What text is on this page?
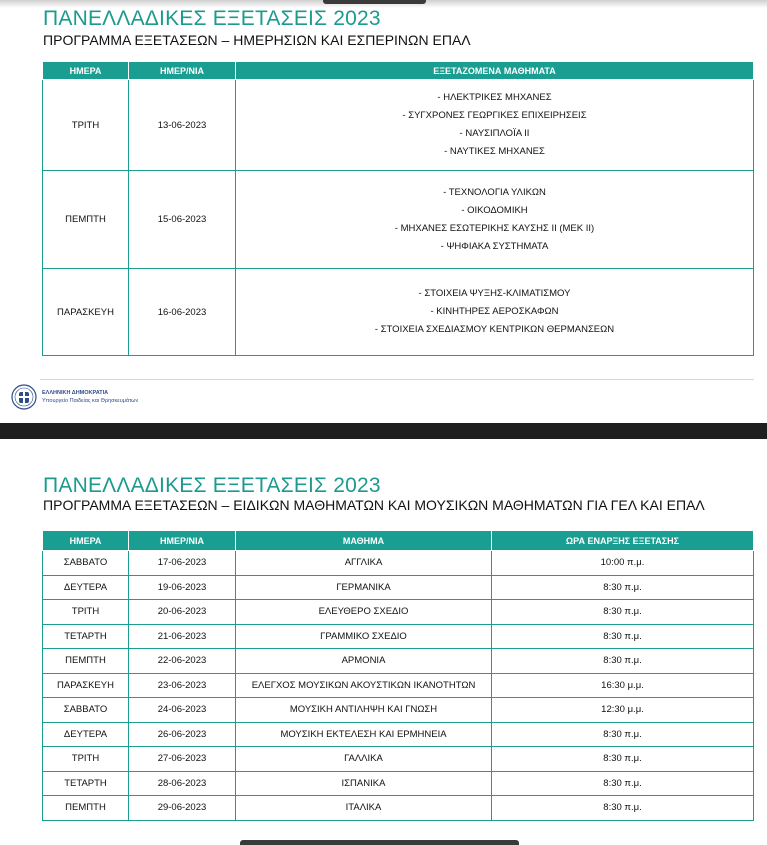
ΠΑΝΕΛΛΑΔΙΚΕΣ ΕΞΕΤΑΣΕΙΣ 2023
ΠΡΟΓΡΑΜΜΑ ΕΞΕΤΑΣΕΩΝ – ΗΜΕΡΗΣΙΩΝ ΚΑΙ ΕΣΠΕΡΙΝΩΝ ΕΠΑΛ
ΗΜΕΡΑ	ΗΜΕΡ/ΝΙΑ	ΕΞΕΤΑΖΟΜΕΝΑ ΜΑΘΗΜΑΤΑ
ΤΡΙΤΗ	13-06-2023	- ΗΛΕΚΤΡΙΚΕΣ ΜΗΧΑΝΕΣ
- ΣΥΓΧΡΟΝΕΣ ΓΕΩΡΓΙΚΕΣ ΕΠΙΧΕΙΡΗΣΕΙΣ
- ΝΑΥΣΙΠΛΟΪΑ ΙΙ
- ΝΑΥΤΙΚΕΣ ΜΗΧΑΝΕΣ

ΠΕΜΠΤΗ	15-06-2023	- ΤΕΧΝΟΛΟΓΙΑ ΥΛΙΚΩΝ
- ΟΙΚΟΔΟΜΙΚΗ
- ΜΗΧΑΝΕΣ ΕΣΩΤΕΡΙΚΗΣ ΚΑΥΣΗΣ ΙΙ (ΜΕΚ ΙΙ)
- ΨΗΦΙΑΚΑ ΣΥΣΤΗΜΑΤΑ

ΠΑΡΑΣΚΕΥΗ	16-06-2023	- ΣΤΟΙΧΕΙΑ ΨΥΞΗΣ-ΚΛΙΜΑΤΙΣΜΟΥ
- ΚΙΝΗΤΗΡΕΣ ΑΕΡΟΣΚΑΦΩΝ
- ΣΤΟΙΧΕΙΑ ΣΧΕΔΙΑΣΜΟΥ ΚΕΝΤΡΙΚΩΝ ΘΕΡΜΑΝΣΕΩΝ
ΕΛΛΗΝΙΚΗ ΔΗΜΟΚΡΑΤΙΑ
Υπουργείο Παιδείας και Θρησκευμάτων
ΠΑΝΕΛΛΑΔΙΚΕΣ ΕΞΕΤΑΣΕΙΣ 2023
ΠΡΟΓΡΑΜΜΑ ΕΞΕΤΑΣΕΩΝ – ΕΙΔΙΚΩΝ ΜΑΘΗΜΑΤΩΝ ΚΑΙ ΜΟΥΣΙΚΩΝ ΜΑΘΗΜΑΤΩΝ ΓΙΑ ΓΕΛ ΚΑΙ ΕΠΑΛ
ΗΜΕΡΑ	ΗΜΕΡ/ΝΙΑ	ΜΑΘΗΜΑ	ΩΡΑ ΕΝΑΡΞΗΣ ΕΞΕΤΑΣΗΣ
ΣΑΒΒΑΤΟ	17-06-2023	ΑΓΓΛΙΚΑ	10:00 π.μ.
ΔΕΥΤΕΡΑ	19-06-2023	ΓΕΡΜΑΝΙΚΑ	8:30 π.μ.
ΤΡΙΤΗ	20-06-2023	ΕΛΕΥΘΕΡΟ ΣΧΕΔΙΟ	8:30 π.μ.
ΤΕΤΑΡΤΗ	21-06-2023	ΓΡΑΜΜΙΚΟ ΣΧΕΔΙΟ	8:30 π.μ.
ΠΕΜΠΤΗ	22-06-2023	ΑΡΜΟΝΙΑ	8:30 π.μ.
ΠΑΡΑΣΚΕΥΗ	23-06-2023	ΕΛΕΓΧΟΣ ΜΟΥΣΙΚΩΝ ΑΚΟΥΣΤΙΚΩΝ ΙΚΑΝΟΤΗΤΩΝ	16:30 μ.μ.
ΣΑΒΒΑΤΟ	24-06-2023	ΜΟΥΣΙΚΗ ΑΝΤΙΛΗΨΗ ΚΑΙ ΓΝΩΣΗ	12:30 μ.μ.
ΔΕΥΤΕΡΑ	26-06-2023	ΜΟΥΣΙΚΗ ΕΚΤΕΛΕΣΗ ΚΑΙ ΕΡΜΗΝΕΙΑ	8:30 π.μ.
ΤΡΙΤΗ	27-06-2023	ΓΑΛΛΙΚΑ	8:30 π.μ.
ΤΕΤΑΡΤΗ	28-06-2023	ΙΣΠΑΝΙΚΑ	8:30 π.μ.
ΠΕΜΠΤΗ	29-06-2023	ΙΤΑΛΙΚΑ	8:30 π.μ.
